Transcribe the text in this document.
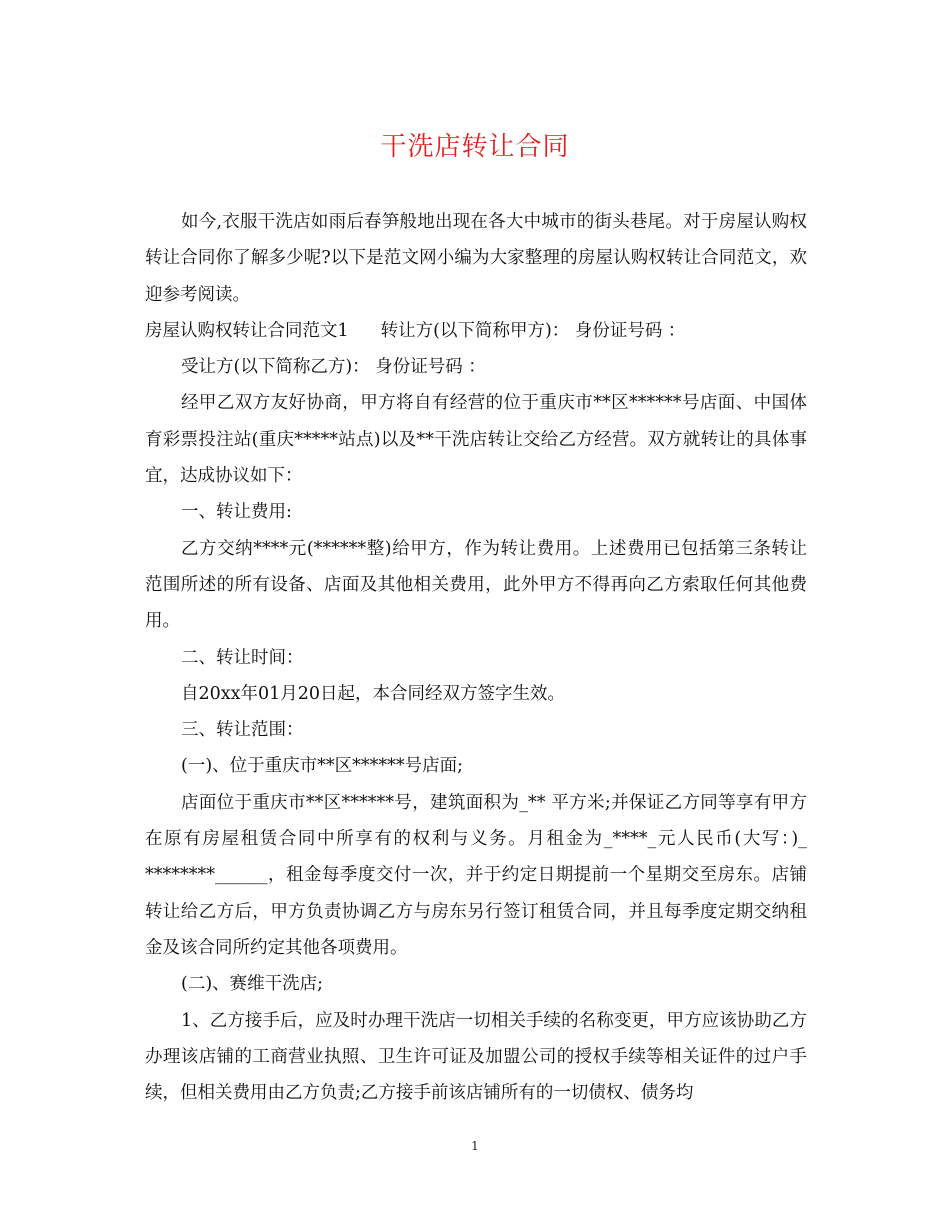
干洗店转让合同

如今,衣服干洗店如雨后春笋般地出现在各大中城市的街头巷尾。对于房屋认购权转让合同你了解多少呢?以下是范文网小编为大家整理的房屋认购权转让合同范文，欢迎参考阅读。

房屋认购权转让合同范文1 转让方(以下简称甲方)： 身份证号码 ：

受让方(以下简称乙方)： 身份证号码 ：

经甲乙双方友好协商，甲方将自有经营的位于重庆市**区******号店面、中国体育彩票投注站(重庆*****站点)以及**干洗店转让交给乙方经营。双方就转让的具体事宜，达成协议如下：

一、转让费用:

乙方交纳****元(******整)给甲方，作为转让费用。上述费用已包括第三条转让范围所述的所有设备、店面及其他相关费用，此外甲方不得再向乙方索取任何其他费用。

二、转让时间：

自20xx年01月20日起，本合同经双方签字生效。

三、转让范围：

(一)、位于重庆市**区******号店面;

店面位于重庆市**区******号，建筑面积为_** 平方米;并保证乙方同等享有甲方在原有房屋租赁合同中所享有的权利与义务。月租金为_****_元人民币(大写：)_ ********______，租金每季度交付一次，并于约定日期提前一个星期交至房东。店铺转让给乙方后，甲方负责协调乙方与房东另行签订租赁合同，并且每季度定期交纳租金及该合同所约定其他各项费用。

(二)、赛维干洗店;

1、乙方接手后，应及时办理干洗店一切相关手续的名称变更，甲方应该协助乙方办理该店铺的工商营业执照、卫生许可证及加盟公司的授权手续等相关证件的过户手续，但相关费用由乙方负责;乙方接手前该店铺所有的一切债权、债务均

1
